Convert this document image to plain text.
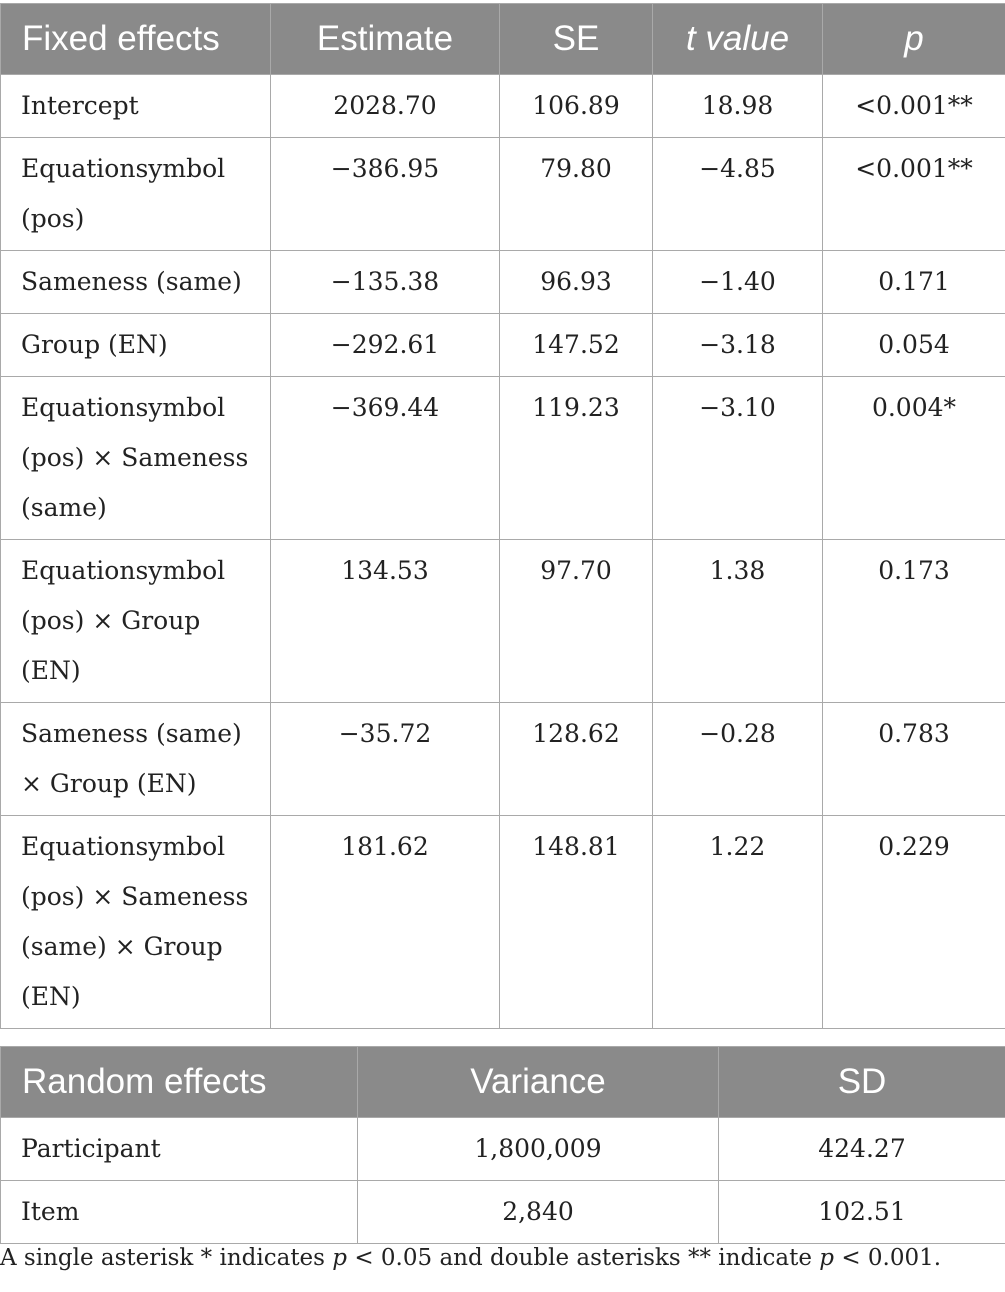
Fixed effects	Estimate	SE	t value	p
Intercept	2028.70	106.89	18.98	<0.001**
Equationsymbol (pos)	−386.95	79.80	−4.85	<0.001**
Sameness (same)	−135.38	96.93	−1.40	0.171
Group (EN)	−292.61	147.52	−3.18	0.054
Equationsymbol (pos) × Sameness (same)	−369.44	119.23	−3.10	0.004*
Equationsymbol (pos) × Group (EN)	134.53	97.70	1.38	0.173
Sameness (same) × Group (EN)	−35.72	128.62	−0.28	0.783
Equationsymbol (pos) × Sameness (same) × Group (EN)	181.62	148.81	1.22	0.229
Random effects	Variance	SD
Participant	1,800,009	424.27
Item	2,840	102.51
A single asterisk * indicates p < 0.05 and double asterisks ** indicate p < 0.001.
